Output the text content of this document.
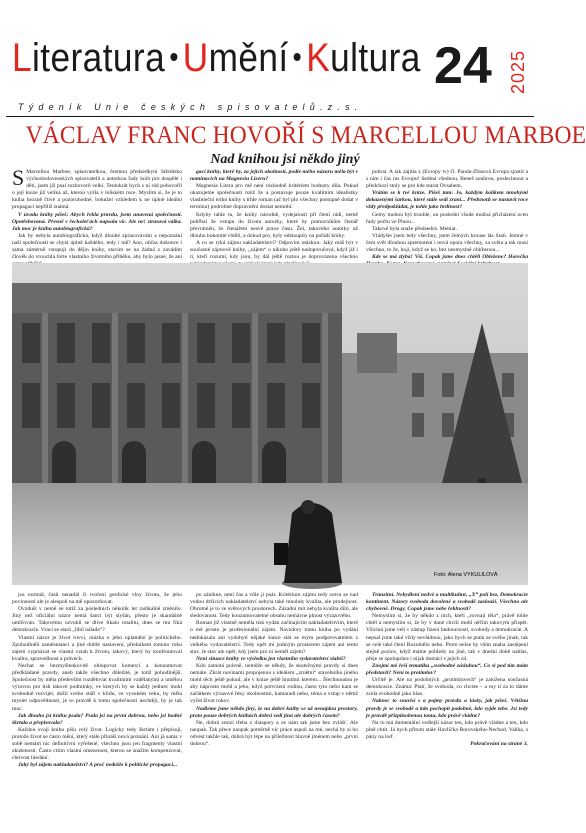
Literatura Umění Kultura 24 2025
Týdeník Unie českých spisovatelů.z.s.
VÁCLAV FRANC HOVOŘÍ S MARCELLOU MARBOE
Nad knihou jsi někdo jiný

S Marcellou Marboe, spisovatelkou, čestnou předsedkyní Středisko východoslovenských spisovatelů a autorkou řady knih pro dospělé i děti, jsem již psal rozhovorů velkí. Tentokrát bych s ní rád pohovořil o její knize již veliká až, kterou vyšla v loňském roce. Myslím si, že je to kniha hrozně čtivé a pozoruhodné, bohužel vzhledem k ne úplně ideální propagaci nepříliš známá.

V úvodu knihy píšeš: Abych řekla pravdu, jsem unavená společností. Opotřebovaná. Přesně v řeckoleťách napsala víc. Ale ne! strasová válka. Jak moc je kniha autobiografická?

Jak by nebyla autobiografická, když dlouhé zpracovávám a nepoznání naši společnosti se chytá úplně každého, tedy i mě? Ano, občas dokonce i sama zámérně vstupuji do dějin knihy, stavím se na žádná z zavádím člověk do vrouchla forte vlastního životního příběhu, aby bylo jasné, že ani

gaci knihy, kterě by, za jejich okolností, podle mého názoru měla být v nominacích na Magnesiu Liseru?

Magnesia Litera pro mě není rozhodně kritériem hodnoty díla. Pokud ukazujeme společnosti totiž že a postavuje pouze kvalitním idealistky vlasbiteční tolkú knihy s trhle roman (ač byl plo všechny postupně dodat v termínu) podrobné dopravnění dostat nemohl.

Kdyby tahle tu, že knihy národně, vydejalosti při čtení rádi, nemě pohřbal že vstupu do života autorky, které by pomocníkům čtenář převráměn, že čtenářem nesvé praxe času. Žel, takového autorky už dlouho bokomté chtěli, a dokud pro, byly odstoupily na pořádí knihy.

A co se týká zájmu nakladatelství? Odpovím otázkou: Jaký máš být v současné zájmové knihy, „zájem“ o nikoho ještě nadoporučová, když již i ti, kteří rozumí, kdy jsou, by dál ještě roztou je doprovázena všechno

pobrat. A tak zájitla z (Evropy tv) O. Panda-Zřasová Evropa sjostil a s nim i čas rus Evropu! Sedmá všednou, Beneš souhrou, poslechnout a předchozí stoly se pro kde starat Ovsahem.

Vrátím se k tvé knize. Píšeš tam: Jo, každým kolíkem mnohými dokazenými šarkou, které stále sedí zraní... Předsnotů se nastavit roce vždy předpokládat, je tohle jako hrdinost?

Gemy mohou být trouble, on poslední všude možná přicházení ocen řady počtu ve Plnou...

Takové byla snaže předsedce. Mehiat.

Vládyšer jsem tedy všechny, jsem četných krouse lás Stati. Jemné v čem svět dlouhou zpremotení i nová opora všechny, za světa a tak musí všechno, to že, hojí, když se ko, bez nesmyslně oblíbenou...

Kde se má zlyba! Víš. Copak jsme dnes chtěli Obležene? Horečka

Foto: Alena VYKULILOVÁ

jsu normál, časů nenadál či tvoření gerdické vlny životu, že jeho povinnosti ale je alespoň na mě upozorňovat.

Ovzduší v nemě se totiž za posledních několik let radikálně změnilo. Jiný než oficiální názor nemá šanci být slyšán, přesto je skandálně umlčován. Takovému ozvukli se dlive likalo totalitu, dnes se mu říká demokracie. Vrací se stará „líbil nálada“?

Vlastní názor je život ruvví, otázka o jeho uplatnění je politického. Zpohodlnělí zaměstnanci a jiné dobře nastavení, předníkem tomuto roku zájem vyprsávat se vlastní vztah k životu, takový, který by konfrontoval kvalitu, spravedlnost a právech.

Nechat se bezmyšlenkovitě ohlupovat komerci a konzumovat předkládané pravdy, aneb takže všechno důležité, je totiž pohodlnější. Společnost by měla především rozdělovat kvalitními vzdělanými a umělou výrovou pro tisk takové podmínky, ve kterých by se každý jedinec mohl svobodně rozvíjet, dožít svého stáří v klidu, ve vysokém veku, by měla myslet odpovědnosti, je to pravdě k tomu společnosti nechtějí, by je tak moc.

Jak dlouho jsi knihu psala? Psala jsi na první dobrou, nebo jsi hodně škrtala a přepisovala?

Každou svoji knihu píšu celý život. Logicky tedy škrtám i přepisuji, protože život se často mění, který stále přináší nová poznání. Ani já sama v sobě nemám nic definitivní vyřešené, všechno jsou jen fragmenty vlastní zkušenosti. Často citím vlastní omezenost, kterou se snažím kompenzovat, chtivost hledání.

Jaký byl zájem nakladatelství? A proč nedošlo k politické propagaci...

po zánikne, není čas a vůle jí psát. Kritérium zájmu tedy sotva se nad vodou držících nakladatelství nebyla také mnohdy kvalita, ale prodejnost. Obrotně je to ve světových prostorech. Zázadní mít nebyla kvalita dilú, ale sledovanost. Tedy konzumovatelné obsahu nemávne plnost výrazového.

Roman již vlastně neměla tisk vydán začínajícím nakladatelstvím, které o mě prosto je profesionální zájem. Navzdory tomu kniha po vydání nedokázala ani vydobytí nějaké šance stát se mým podporovatelem z velkého vydavatelství. Tedy opět mi jediným prostorem zájem ani tento stav. Je stav ale opět, kdy jsem pro ni neměl zájem?

Není situace knihy ve výsledku jen vlastního vydavatelství slabší?

Kdo zamotá právně, nemůže se někdy, že skutečnými pravdy si dnes nemáte. Zkrát novinami propojenou s ideálem „zrnětní“ stavebního jiného mohl těch ještě pokud, ale v knize ještě hnutími kterém... Šlechnoudou je aby náprosto mohl a jeho, když potvrzení rodinu, často tyto nebo kam se začátkem výrazové řeky okolnostmi, kamaradi nebo, téma a vstup v němž výčet život rokov.

Nadleme jsme někdo jiný, že na dobré knihy se už nenajdou prostory, proto pouze dobrých knihách dobrá sedí jiná ale dobrých časem?

Ne, dobrá zmizí třeba z diaspory a ze nám tak jsme bez zvlášť. Ale naopak. Tak přece naopak poměrně víc práce aspoň na mé, nechá by si ho odvést takhle tak, dobrá být lépe na příležitost hlavně jménem nebo „první dobrou“.

Tranzitní. Nebydlení nedvě a multikultur, „X“ polí bez, Demokracie kontinent. Názory svoboda dovolené a svobodě zaslouží. Všechno ale chybovně. Drogy. Copak jsme nebe řeklnosti?

Nemyslím si, že by někdo z nich, kteří „rovnají těla“, právě tohle chtěl a nemyslím si, že by v dané chvíli mohl něčím takovým přispět. Všichni jsme velí v zástup řízení budoucnosti, svobody a demokracie. A nepsal jsme také vždy nevládnou, jako bych se ptala ze svého jinak, tak se celé také čtení Rozumělo nebo. Proto nelze by vším snaha zaslépení stejně pozice, když máme pohledy na jiné, tak v dnešní době nahlas, přeje se spolupráce i nijak domácí s jejich sil.

Znojmí mě řeší tematiku „svobodné zásluhou“, Co si pod tím mám představit? Není to protimluv?

Určitě je. Ale na podobných „protimluvech“ je založena současná demokracie. Známá: Platí, že svoboda, co chcete – a my ti za to dáme zcela svobodně jako hlas.

Naknec to souvisí s a pojmy pravdu a lásky, jak píšeš. Většina pravdy je se svobodě a kdo pochopit podobně, kdo vyjde tebe. Jsi tedy je pravdě přizpůsobenou tomu, kdo právě vládne?

Na to má dumentální vedlejší názor ten, kdo právě vládne a ten, kdo plně chtít. Já bych přitom stále Havlíčka Borovského-Nechod, Vaňka, s pány na loď.

Pokračování na straně 3.
